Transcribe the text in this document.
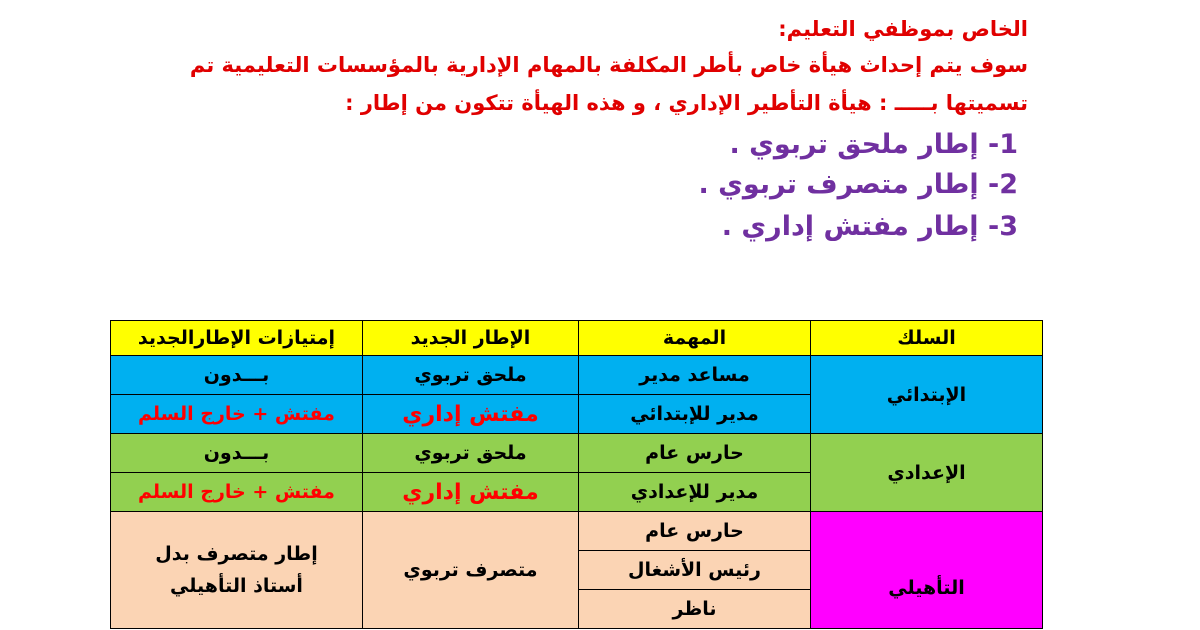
الخاص بموظفي التعليم:
سوف يتم إحداث هيأة خاص بأطر المكلفة بالمهام الإدارية بالمؤسسات التعليمية تم
تسميتها بـــــ : هيأة التأطير الإداري ، و هذه الهيأة تتكون من إطار :
1- إطار ملحق تربوي .
2- إطار متصرف تربوي .
3- إطار مفتش إداري .
السلك	المهمة	الإطار الجديد	إمتيازات الإطارالجديد
الإبتدائي	مساعد مدير	ملحق تربوي	بـــدون
	مدير للإبتدائي	مفتش إداري	مفتش + خارج السلم
الإعدادي	حارس عام	ملحق تربوي	بـــدون
	مدير للإعدادي	مفتش إداري	مفتش + خارج السلم
التأهيلي	حارس عام	متصرف تربوي	إطار متصرف بدل
أستاذ التأهيلي

	رئيس الأشغال		
	ناظر		
